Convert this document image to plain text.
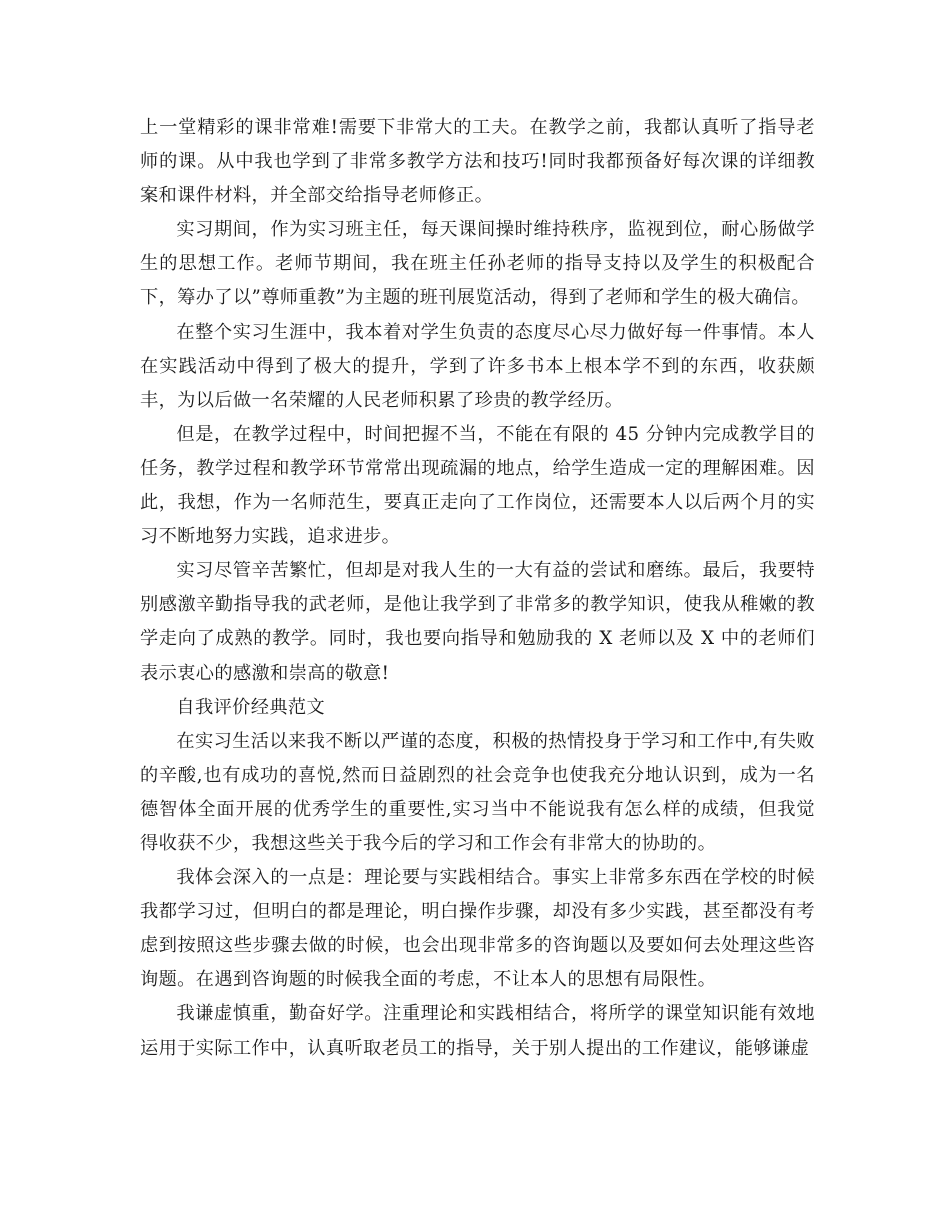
上一堂精彩的课非常难!需要下非常大的工夫。在教学之前，我都认真听了指导老师的课。从中我也学到了非常多教学方法和技巧!同时我都预备好每次课的详细教案和课件材料，并全部交给指导老师修正。

实习期间，作为实习班主任，每天课间操时维持秩序，监视到位，耐心肠做学生的思想工作。老师节期间，我在班主任孙老师的指导支持以及学生的积极配合下，筹办了以”尊师重教”为主题的班刊展览活动，得到了老师和学生的极大确信。

在整个实习生涯中，我本着对学生负责的态度尽心尽力做好每一件事情。本人在实践活动中得到了极大的提升，学到了许多书本上根本学不到的东西，收获颇丰，为以后做一名荣耀的人民老师积累了珍贵的教学经历。

但是，在教学过程中，时间把握不当，不能在有限的 45 分钟内完成教学目的任务，教学过程和教学环节常常出现疏漏的地点，给学生造成一定的理解困难。因此，我想，作为一名师范生，要真正走向了工作岗位，还需要本人以后两个月的实习不断地努力实践，追求进步。

实习尽管辛苦繁忙，但却是对我人生的一大有益的尝试和磨练。最后，我要特别感激辛勤指导我的武老师，是他让我学到了非常多的教学知识，使我从稚嫩的教学走向了成熟的教学。同时，我也要向指导和勉励我的 X 老师以及 X 中的老师们表示衷心的感激和崇高的敬意!

自我评价经典范文

在实习生活以来我不断以严谨的态度，积极的热情投身于学习和工作中,有失败的辛酸,也有成功的喜悦,然而日益剧烈的社会竞争也使我充分地认识到，成为一名德智体全面开展的优秀学生的重要性,实习当中不能说我有怎么样的成绩，但我觉得收获不少，我想这些关于我今后的学习和工作会有非常大的协助的。

我体会深入的一点是：理论要与实践相结合。事实上非常多东西在学校的时候我都学习过，但明白的都是理论，明白操作步骤，却没有多少实践，甚至都没有考虑到按照这些步骤去做的时候，也会出现非常多的咨询题以及要如何去处理这些咨询题。在遇到咨询题的时候我全面的考虑，不让本人的思想有局限性。

我谦虚慎重，勤奋好学。注重理论和实践相结合，将所学的课堂知识能有效地运用于实际工作中，认真听取老员工的指导，关于别人提出的工作建议，能够谦虚
